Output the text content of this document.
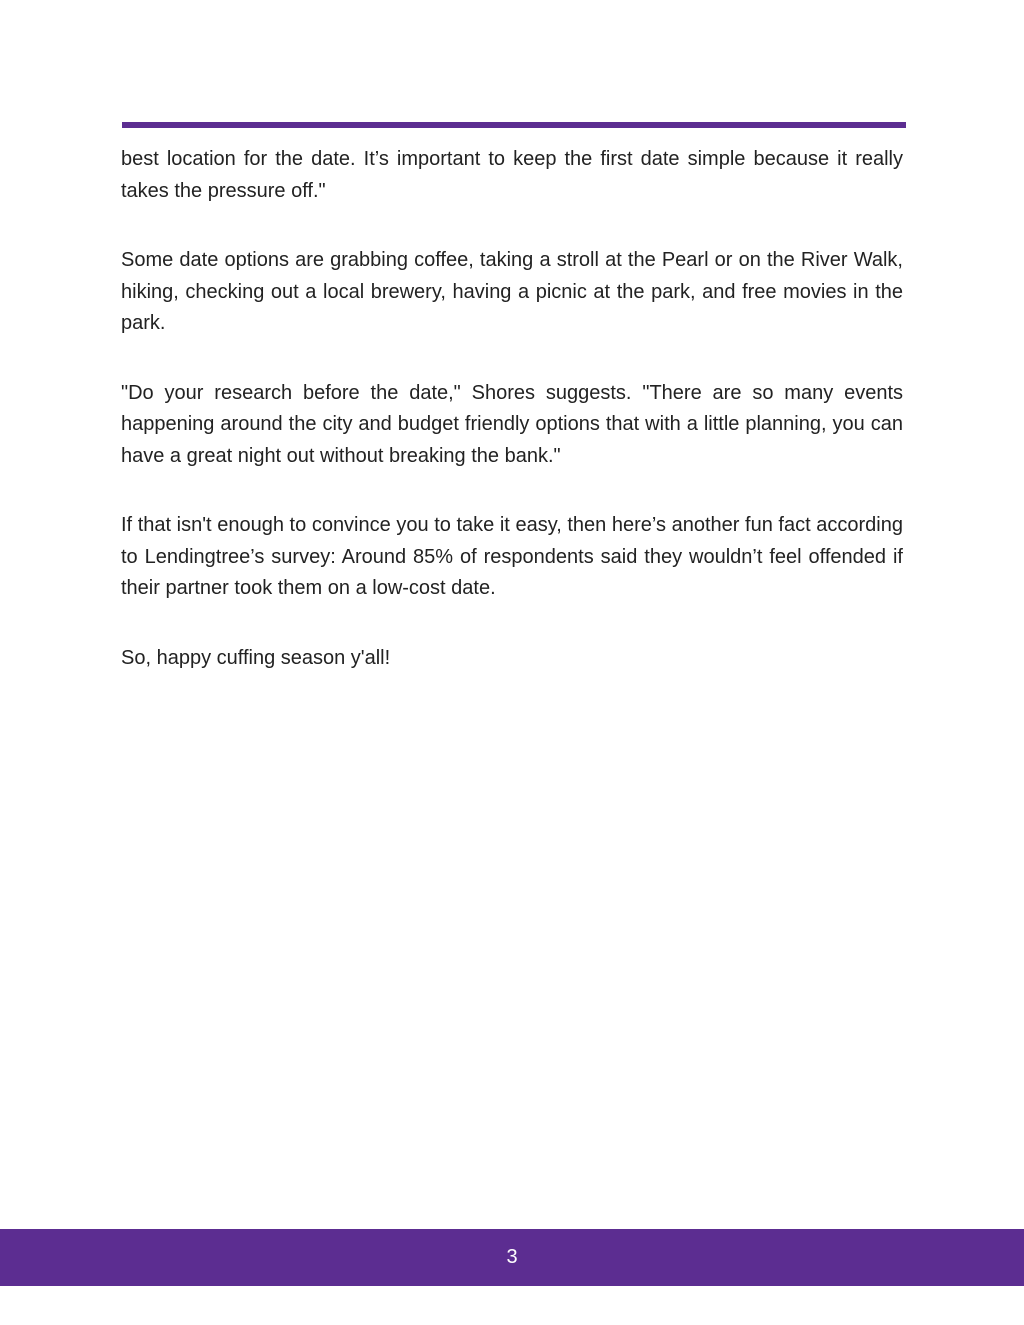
best location for the date. It’s important to keep the first date simple because it really takes the pressure off."

Some date options are grabbing coffee, taking a stroll at the Pearl or on the River Walk, hiking, checking out a local brewery, having a picnic at the park, and free movies in the park.

"Do your research before the date," Shores suggests. "There are so many events happening around the city and budget friendly options that with a little planning, you can have a great night out without breaking the bank."

If that isn't enough to convince you to take it easy, then here’s another fun fact according to Lendingtree’s survey: Around 85% of respondents said they wouldn’t feel offended if their partner took them on a low-cost date.

So, happy cuffing season y'all!

3
